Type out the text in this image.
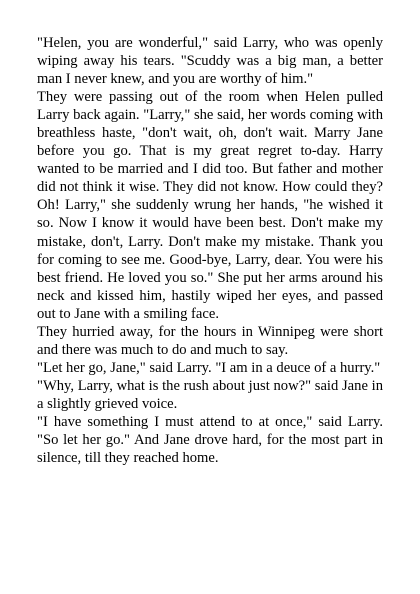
"Helen, you are wonderful," said Larry, who was openly wiping away his tears. "Scuddy was a big man, a better man I never knew, and you are worthy of him."

They were passing out of the room when Helen pulled Larry back again. "Larry," she said, her words coming with breathless haste, "don't wait, oh, don't wait. Marry Jane before you go. That is my great regret to-day. Harry wanted to be married and I did too. But father and mother did not think it wise. They did not know. How could they? Oh! Larry," she suddenly wrung her hands, "he wished it so. Now I know it would have been best. Don't make my mistake, don't, Larry. Don't make my mistake. Thank you for coming to see me. Good-bye, Larry, dear. You were his best friend. He loved you so." She put her arms around his neck and kissed him, hastily wiped her eyes, and passed out to Jane with a smiling face.

They hurried away, for the hours in Winnipeg were short and there was much to do and much to say.

"Let her go, Jane," said Larry. "I am in a deuce of a hurry."

"Why, Larry, what is the rush about just now?" said Jane in a slightly grieved voice.

"I have something I must attend to at once," said Larry. "So let her go." And Jane drove hard, for the most part in silence, till they reached home.
